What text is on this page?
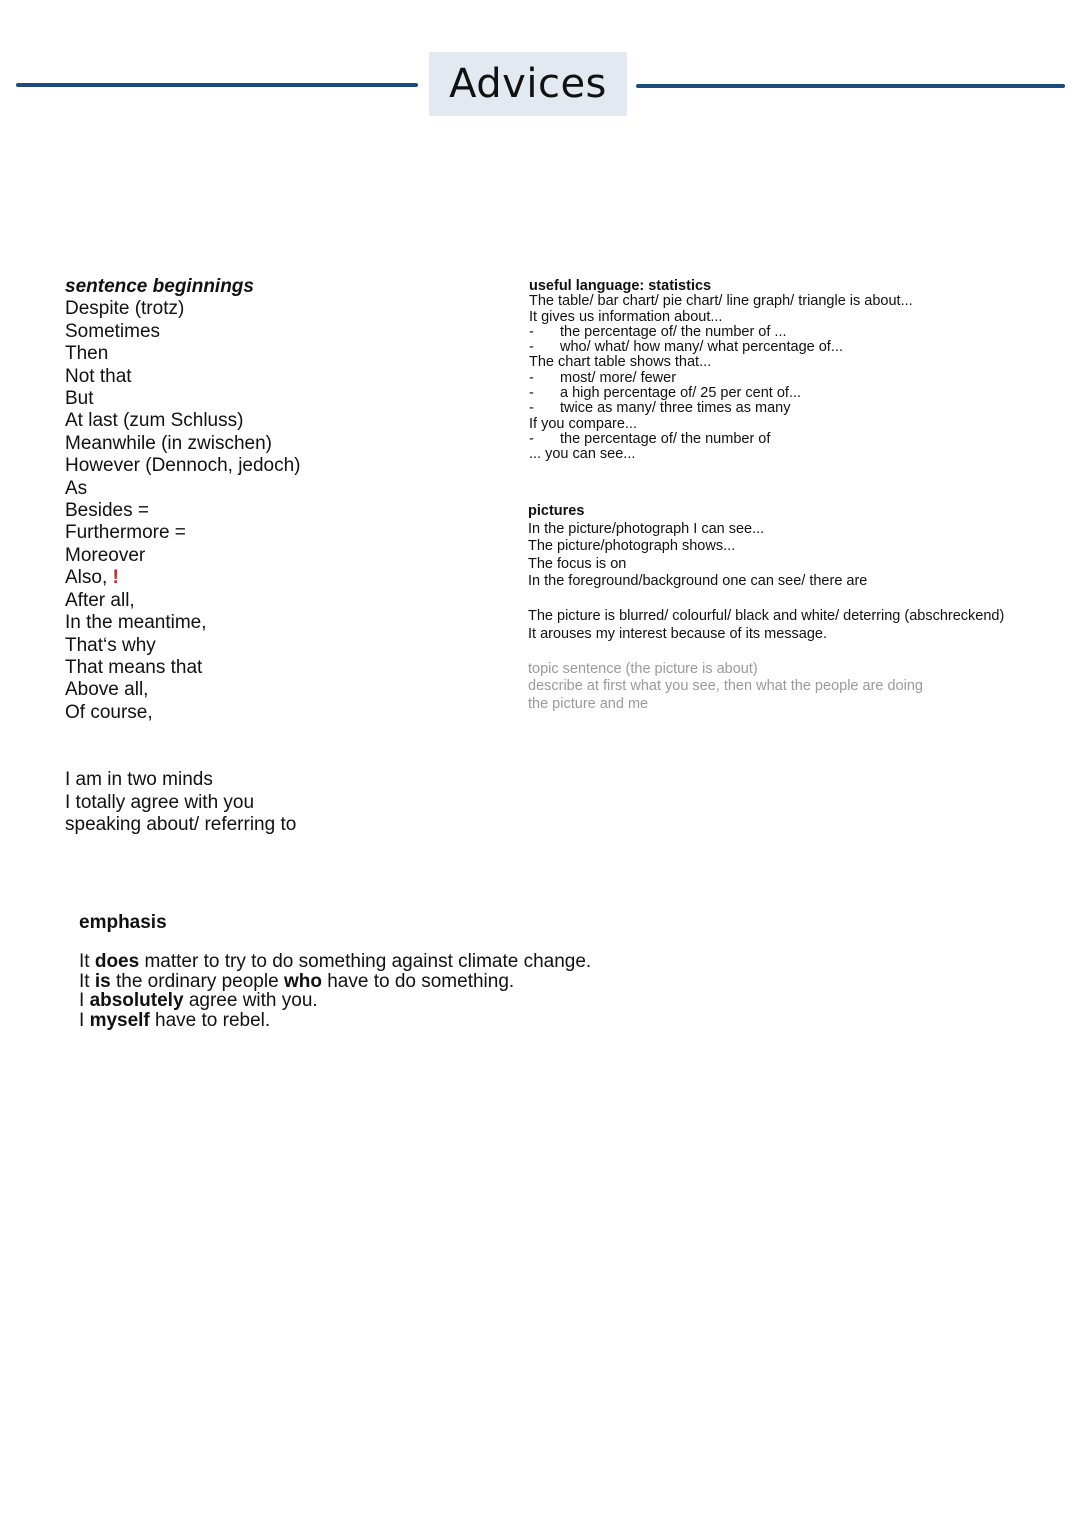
Advices
sentence beginnings
Despite (trotz)
Sometimes
Then
Not that
But
At last (zum Schluss)
Meanwhile (in zwischen)
However (Dennoch, jedoch)
As
Besides =
Furthermore =
Moreover
Also, !
After all,
In the meantime,
That‘s why
That means that
Above all,
Of course,
I am in two minds
I totally agree with you
speaking about/ referring to
useful language: statistics
The table/ bar chart/ pie chart/ line graph/ triangle is about...
It gives us information about...
-	the percentage of/ the number of ...
-	who/ what/ how many/ what percentage of...
The chart table shows that...
-	most/ more/ fewer
-	a high percentage of/ 25 per cent of...
-	twice as many/ three times as many
If you compare...
-	the percentage of/ the number of
... you can see...
pictures
In the picture/photograph I can see...
The picture/photograph shows...
The focus is on
In the foreground/background one can see/ there are
The picture is blurred/ colourful/ black and white/ deterring (abschreckend)
It arouses my interest because of its message.
topic sentence (the picture is about)
describe at first what you see, then what the people are doing
the picture and me
emphasis
It does matter to try to do something against climate change.
It is the ordinary people who have to do something.
I absolutely agree with you.
I myself have to rebel.
